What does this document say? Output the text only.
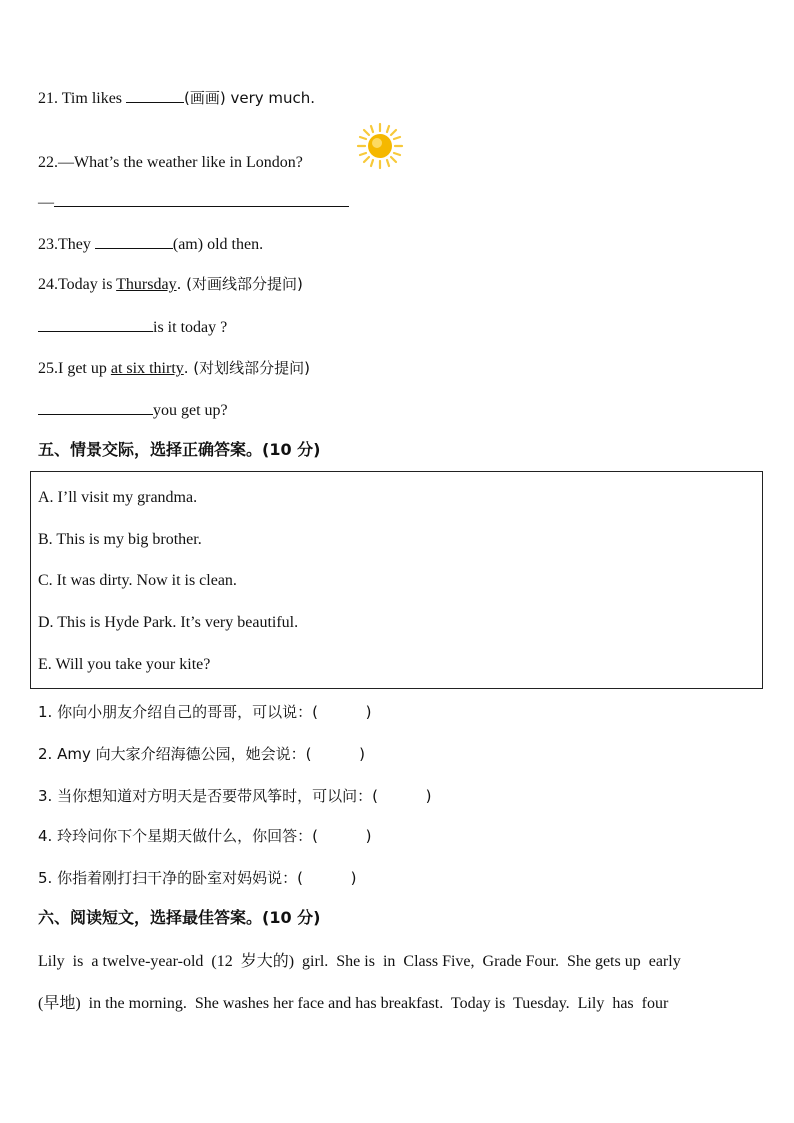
21. Tim likes	(画画) very much.
22.—What’s the weather like in London?
—
23.They	(am) old then.
24.Today is Thursday. (对画线部分提问)
is it today ?
25.I get up at six thirty. (对划线部分提问)
you get up?
五、情景交际，选择正确答案。(10 分)
A. I’ll visit my grandma.
B. This is my big brother.
C. It was dirty. Now it is clean.
D. This is Hyde Park. It’s very beautiful.
E. Will you take your kite?
1. 你向小朋友介绍自己的哥哥，可以说：(          )
2. Amy 向大家介绍海德公园，她会说：(          )
3. 当你想知道对方明天是否要带风筝时，可以问：(          )
4. 玲玲问你下个星期天做什么，你回答：(          )
5. 你指着刚打扫干净的卧室对妈妈说：(          )
六、阅读短文，选择最佳答案。(10 分)
Lily  is  a twelve-year-old  (12  岁大的)  girl.  She is  in  Class Five,  Grade Four.  She gets up  early
(早地)  in the morning.  She washes her face and has breakfast.  Today is  Tuesday.  Lily  has  four
